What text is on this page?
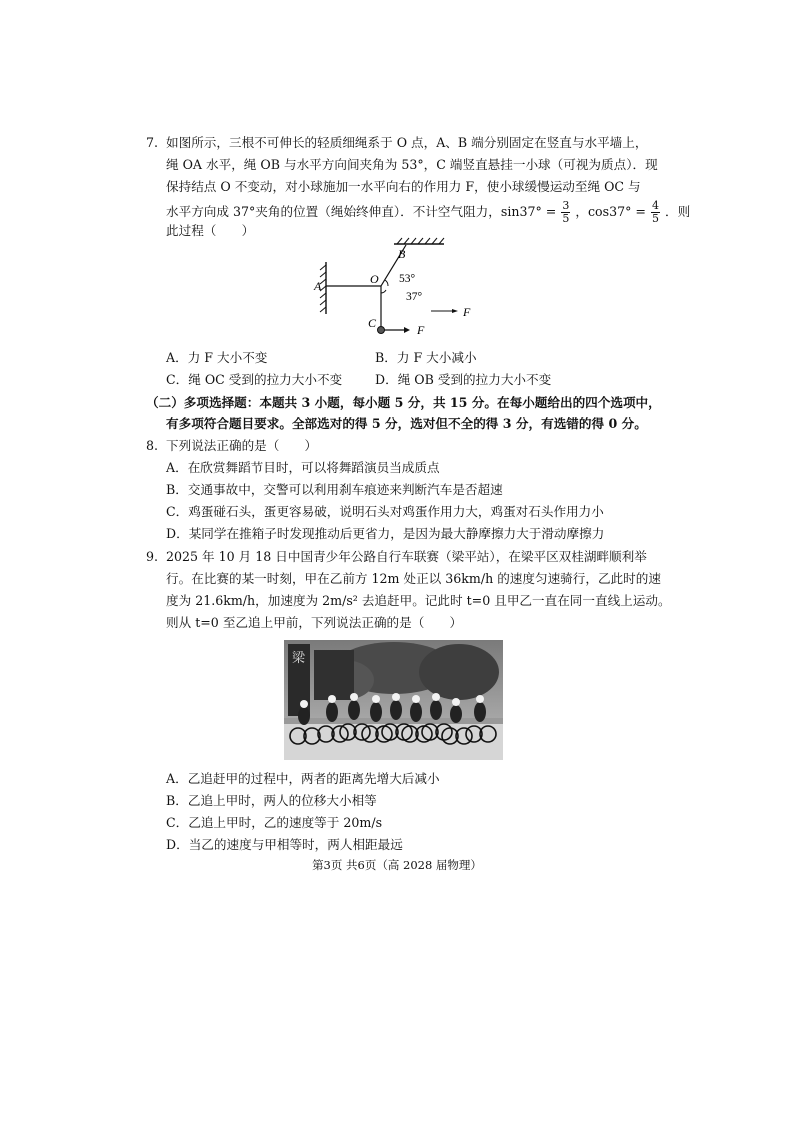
7. 如图所示，三根不可伸长的轻质细绳系于 O 点，A、B 端分别固定在竖直与水平墙上，
绳 OA 水平，绳 OB 与水平方向间夹角为 53°，C 端竖直悬挂一小球（可视为质点）．现
保持结点 O 不变动，对小球施加一水平向右的作用力 F，使小球缓慢运动至绳 OC 与
水平方向成 37°夹角的位置（绳始终伸直）．不计空气阻力，$\sin 37^\circ = \frac{3}{5}$ ，$\cos 37^\circ = \frac{4}{5}$ ．则
此过程（　　）
B
O
A
C
53°
37°
F
F
A．力 F 大小不变	B．力 F 大小减小
C．绳 OC 受到的拉力大小不变	D．绳 OB 受到的拉力大小不变
（二）多项选择题：本题共 3 小题，每小题 5 分，共 15 分。在每小题给出的四个选项中，
有多项符合题目要求。全部选对的得 5 分，选对但不全的得 3 分，有选错的得 0 分。
8. 下列说法正确的是（　　）
A．在欣赏舞蹈节目时，可以将舞蹈演员当成质点
B．交通事故中，交警可以利用刹车痕迹来判断汽车是否超速
C．鸡蛋碰石头，蛋更容易破，说明石头对鸡蛋作用力大，鸡蛋对石头作用力小
D．某同学在推箱子时发现推动后更省力，是因为最大静摩擦力大于滑动摩擦力
9. 2025 年 10 月 18 日中国青少年公路自行车联赛（梁平站），在梁平区双桂湖畔顺利举
行。在比赛的某一时刻，甲在乙前方 12m 处正以 36km/h 的速度匀速骑行，乙此时的速
度为 21.6km/h，加速度为 2m/s² 去追赶甲。记此时 t=0 且甲乙一直在同一直线上运动。
则从 t=0 至乙追上甲前，下列说法正确的是（　　）
梁
A．乙追赶甲的过程中，两者的距离先增大后减小
B．乙追上甲时，两人的位移大小相等
C．乙追上甲时，乙的速度等于 20m/s
D．当乙的速度与甲相等时，两人相距最远
第3页 共6页（高 2028 届物理）
